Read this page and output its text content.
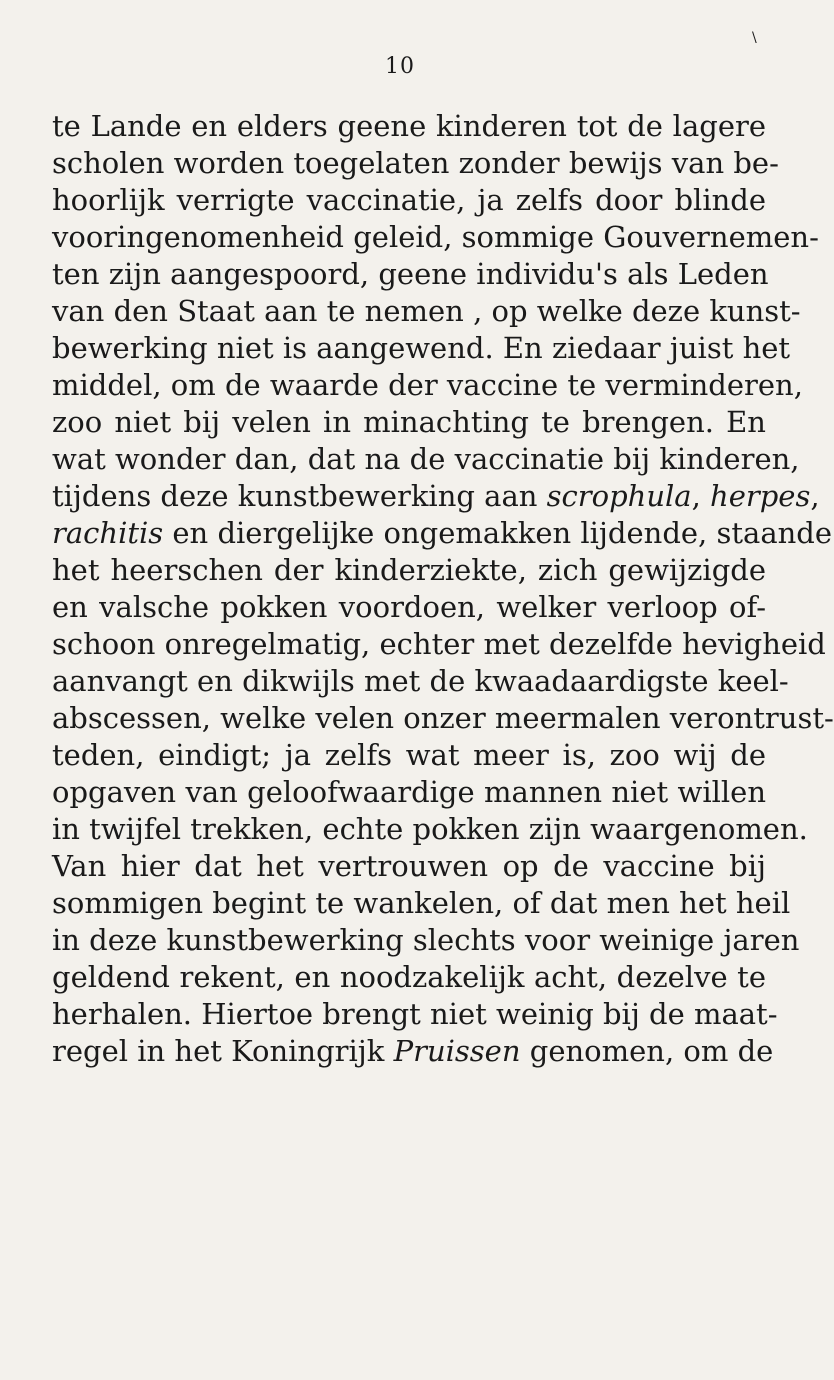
\
10
te Lande en elders geene kinderen tot de lagere
scholen worden toegelaten zonder bewijs van be-
hoorlijk verrigte vaccinatie, ja zelfs door blinde
vooringenomenheid geleid, sommige Gouvernemen-
ten zijn aangespoord, geene individu's als Leden
van den Staat aan te nemen , op welke deze kunst-
bewerking niet is aangewend. En ziedaar juist het
middel, om de waarde der vaccine te verminderen,
zoo niet bij velen in minachting te brengen. En
wat wonder dan, dat na de vaccinatie bij kinderen,
tijdens deze kunstbewerking aan scrophula, herpes,
rachitis en diergelijke ongemakken lijdende, staande
het heerschen der kinderziekte, zich gewijzigde
en valsche pokken voordoen, welker verloop of-
schoon onregelmatig, echter met dezelfde hevigheid
aanvangt en dikwijls met de kwaadaardigste keel-
abscessen, welke velen onzer meermalen verontrust-
teden, eindigt; ja zelfs wat meer is, zoo wij de
opgaven van geloofwaardige mannen niet willen
in twijfel trekken, echte pokken zijn waargenomen.
Van hier dat het vertrouwen op de vaccine bij
sommigen begint te wankelen, of dat men het heil
in deze kunstbewerking slechts voor weinige jaren
geldend rekent, en noodzakelijk acht, dezelve te
herhalen. Hiertoe brengt niet weinig bij de maat-
regel in het Koningrijk Pruissen genomen, om de
